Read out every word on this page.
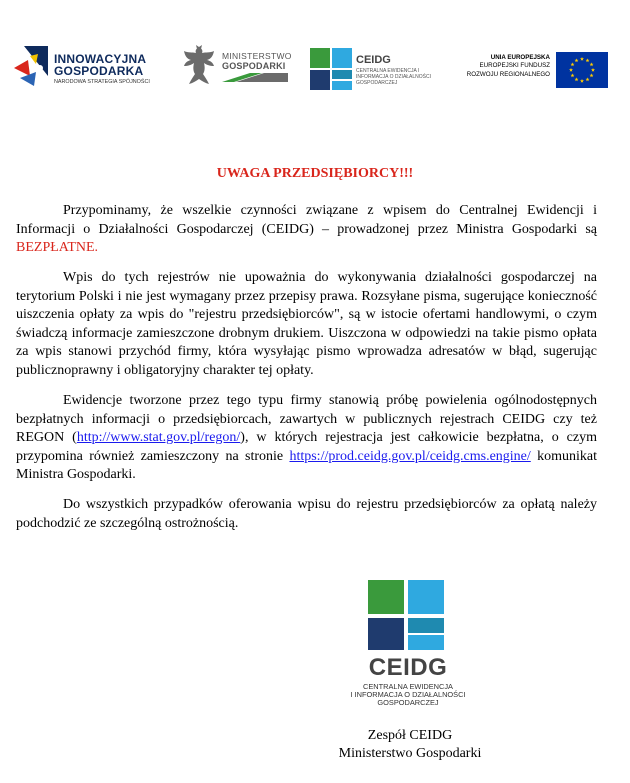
INNOWACYJNA
GOSPODARKA
NARODOWA STRATEGIA SPÓJNOŚCI
MINISTERSTWO
GOSPODARKI	CEIDG
CENTRALNA EWIDENCJA I INFORMACJA O DZIAŁALNOŚCI GOSPODARCZEJ
UNIA EUROPEJSKA
EUROPEJSKI FUNDUSZ
ROZWOJU REGIONALNEGO
UWAGA PRZEDSIĘBIORCY!!!

Przypominamy, że wszelkie czynności związane z wpisem do Centralnej Ewidencji i Informacji o Działalności Gospodarczej (CEIDG) – prowadzonej przez Ministra Gospodarki są BEZPŁATNE.

Wpis do tych rejestrów nie upoważnia do wykonywania działalności gospodarczej na terytorium Polski i nie jest wymagany przez przepisy prawa. Rozsyłane pisma, sugerujące konieczność uiszczenia opłaty za wpis do "rejestru przedsiębiorców", są w istocie ofertami handlowymi, o czym świadczą informacje zamieszczone drobnym drukiem. Uiszczona w odpowiedzi na takie pismo opłata za wpis stanowi przychód firmy, która wysyłając pismo wprowadza adresatów w błąd, sugerując publicznoprawny i obligatoryjny charakter tej opłaty.

Ewidencje tworzone przez tego typu firmy stanowią próbę powielenia ogólnodostępnych bezpłatnych informacji o przedsiębiorcach, zawartych w publicznych rejestrach CEIDG czy też REGON (http://www.stat.gov.pl/regon/), w których rejestracja jest całkowicie bezpłatna, o czym przypomina również zamieszczony na stronie https://prod.ceidg.gov.pl/ceidg.cms.engine/ komunikat Ministra Gospodarki.

Do wszystkich przypadków oferowania wpisu do rejestru przedsiębiorców za opłatą należy podchodzić ze szczególną ostrożnością.

CEIDG
CENTRALNA EWIDENCJA
I INFORMACJA O DZIAŁALNOŚCI
GOSPODARCZEJ
Zespół CEIDG
Ministerstwo Gospodarki
